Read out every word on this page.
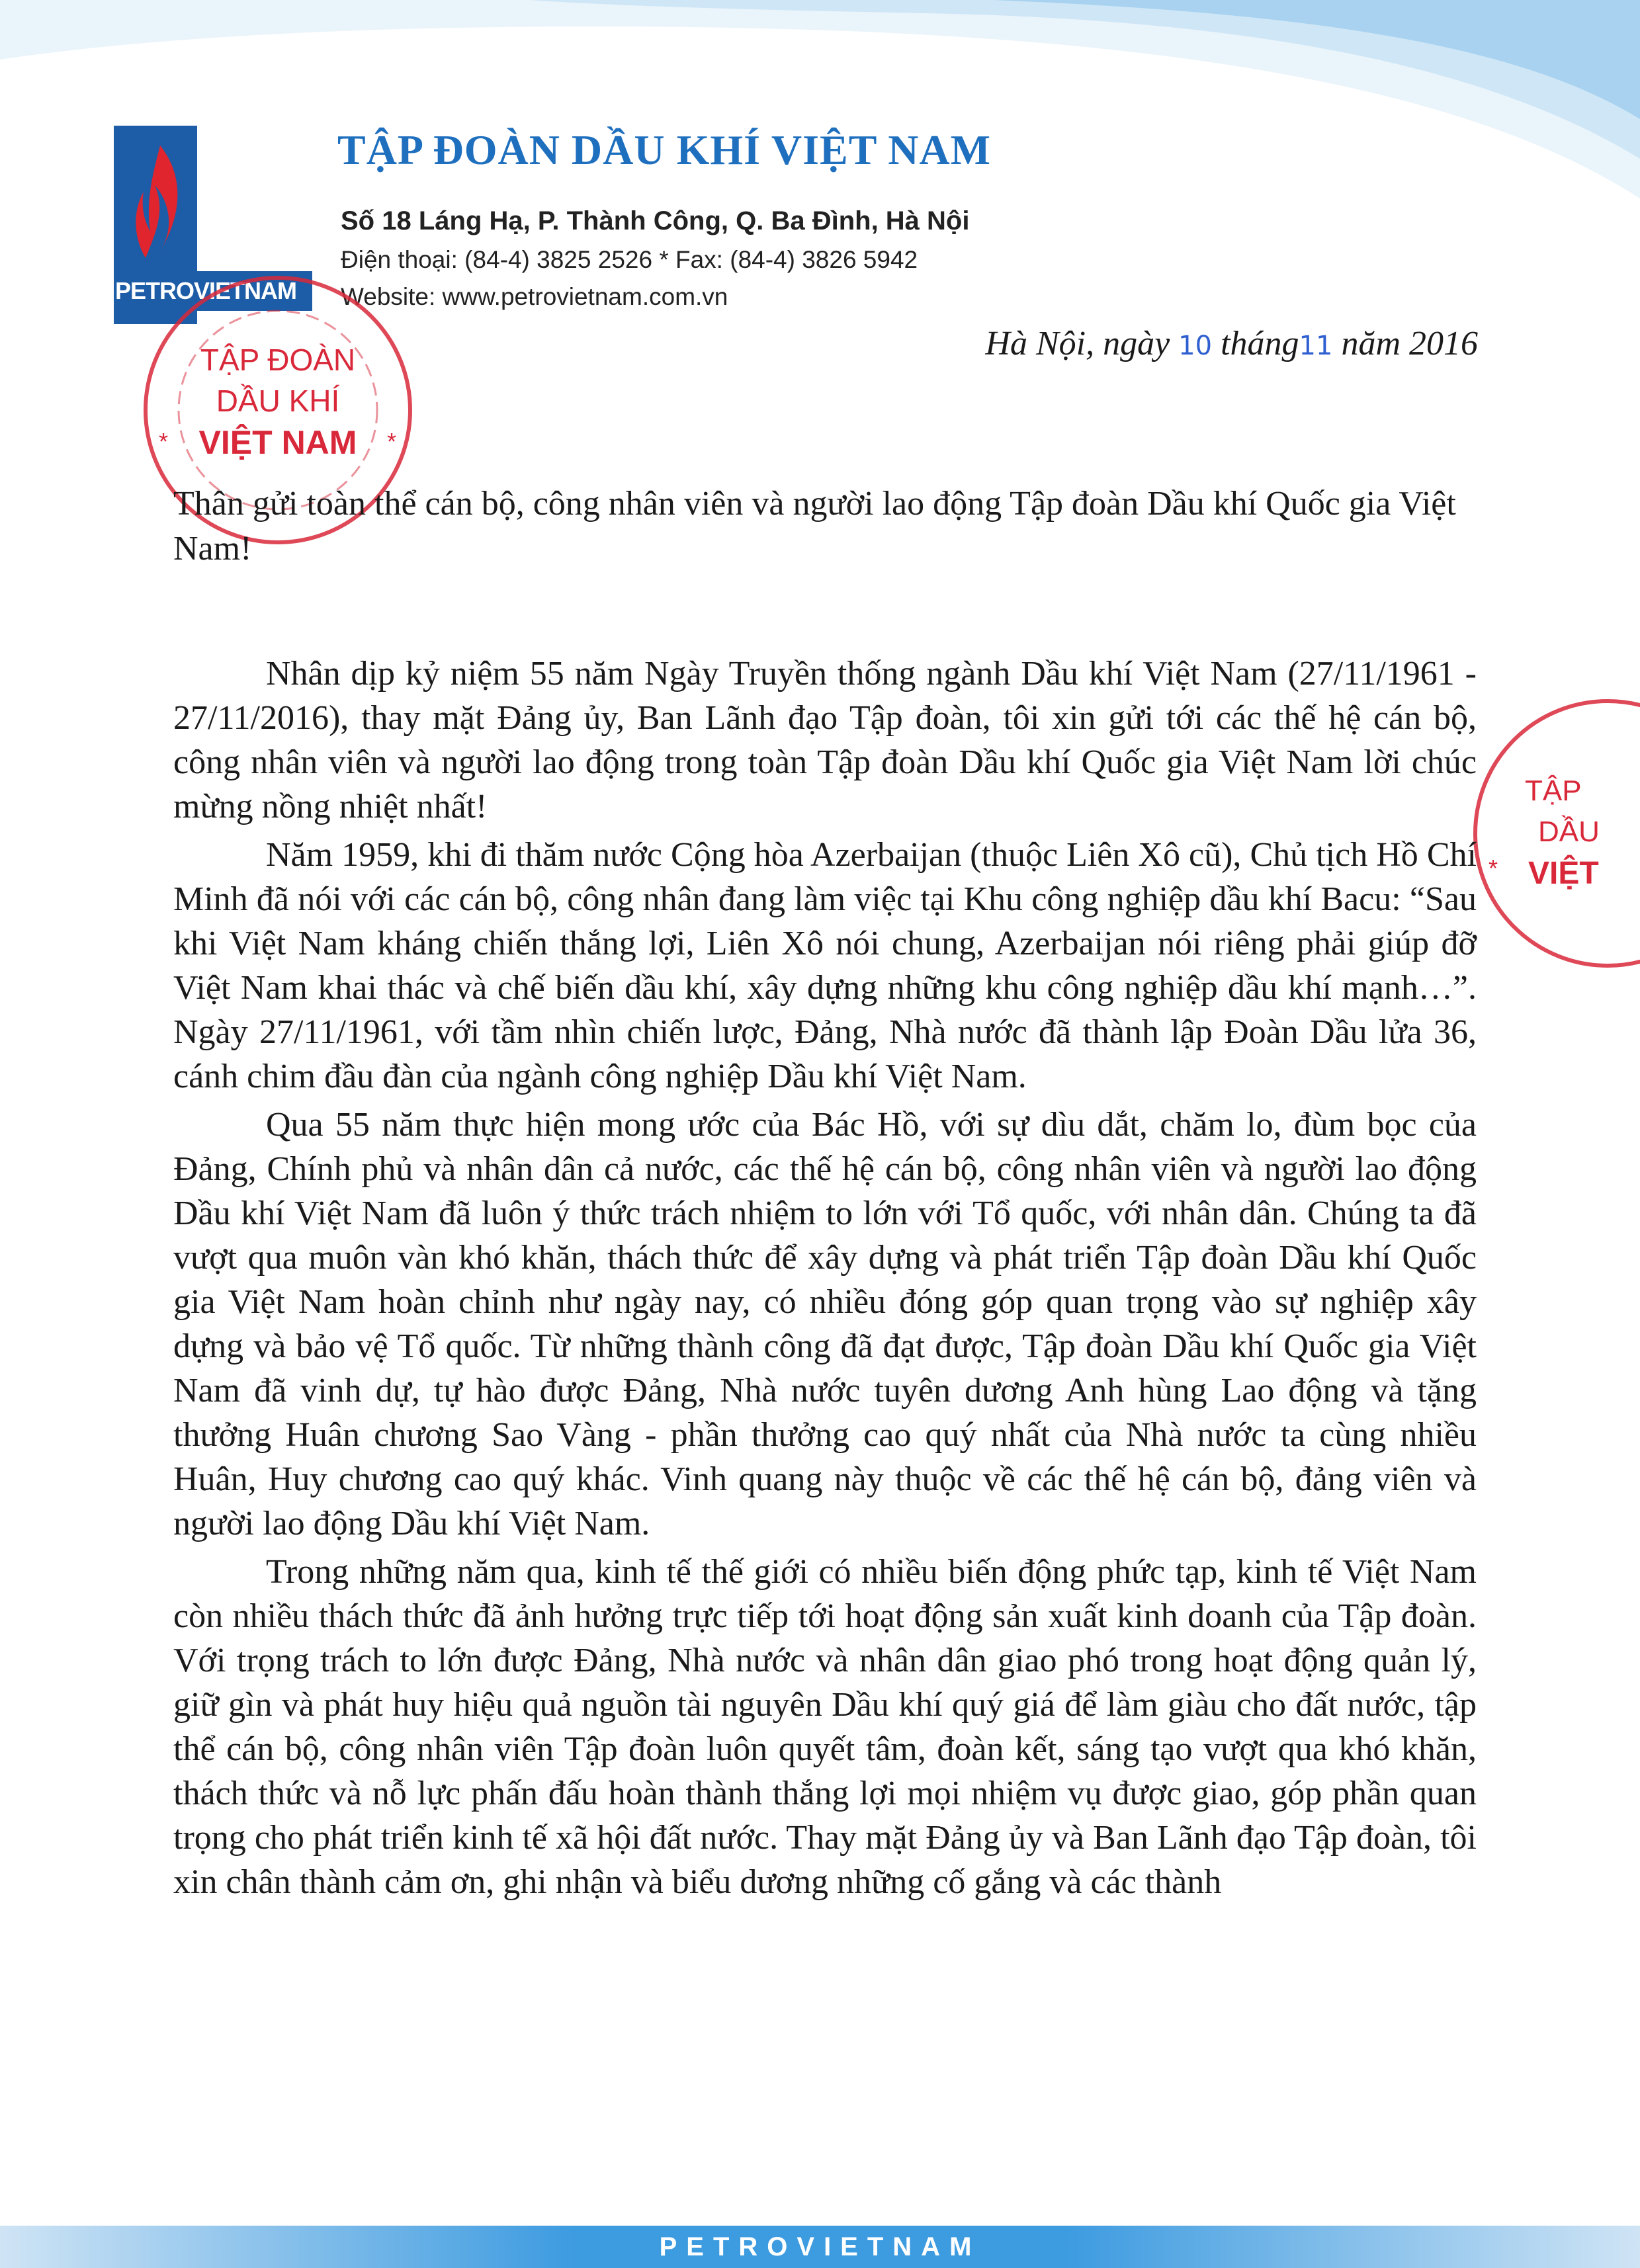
PETROVIETNAM
TẬP ĐOÀN DẦU KHÍ VIỆT NAM
Số 18 Láng Hạ, P. Thành Công, Q. Ba Đình, Hà Nội
Điện thoại: (84-4) 3825 2526 * Fax: (84-4) 3826 5942
Website: www.petrovietnam.com.vn
Hà Nội, ngày 10 tháng11 năm 2016
TẬP ĐOÀN
DẦU KHÍ
VIỆT NAM
*	*
TẬP
DẦU
VIỆT
*
Thân gửi toàn thể cán bộ, công nhân viên và người lao động Tập đoàn Dầu khí Quốc gia Việt Nam!

Nhân dịp kỷ niệm 55 năm Ngày Truyền thống ngành Dầu khí Việt Nam (27/11/1961 - 27/11/2016), thay mặt Đảng ủy, Ban Lãnh đạo Tập đoàn, tôi xin gửi tới các thế hệ cán bộ, công nhân viên và người lao động trong toàn Tập đoàn Dầu khí Quốc gia Việt Nam lời chúc mừng nồng nhiệt nhất!

Năm 1959, khi đi thăm nước Cộng hòa Azerbaijan (thuộc Liên Xô cũ), Chủ tịch Hồ Chí Minh đã nói với các cán bộ, công nhân đang làm việc tại Khu công nghiệp dầu khí Bacu: “Sau khi Việt Nam kháng chiến thắng lợi, Liên Xô nói chung, Azerbaijan nói riêng phải giúp đỡ Việt Nam khai thác và chế biến dầu khí, xây dựng những khu công nghiệp dầu khí mạnh…”. Ngày 27/11/1961, với tầm nhìn chiến lược, Đảng, Nhà nước đã thành lập Đoàn Dầu lửa 36, cánh chim đầu đàn của ngành công nghiệp Dầu khí Việt Nam.

Qua 55 năm thực hiện mong ước của Bác Hồ, với sự dìu dắt, chăm lo, đùm bọc của Đảng, Chính phủ và nhân dân cả nước, các thế hệ cán bộ, công nhân viên và người lao động Dầu khí Việt Nam đã luôn ý thức trách nhiệm to lớn với Tổ quốc, với nhân dân. Chúng ta đã vượt qua muôn vàn khó khăn, thách thức để xây dựng và phát triển Tập đoàn Dầu khí Quốc gia Việt Nam hoàn chỉnh như ngày nay, có nhiều đóng góp quan trọng vào sự nghiệp xây dựng và bảo vệ Tổ quốc. Từ những thành công đã đạt được, Tập đoàn Dầu khí Quốc gia Việt Nam đã vinh dự, tự hào được Đảng, Nhà nước tuyên dương Anh hùng Lao động và tặng thưởng Huân chương Sao Vàng - phần thưởng cao quý nhất của Nhà nước ta cùng nhiều Huân, Huy chương cao quý khác. Vinh quang này thuộc về các thế hệ cán bộ, đảng viên và người lao động Dầu khí Việt Nam.

Trong những năm qua, kinh tế thế giới có nhiều biến động phức tạp, kinh tế Việt Nam còn nhiều thách thức đã ảnh hưởng trực tiếp tới hoạt động sản xuất kinh doanh của Tập đoàn. Với trọng trách to lớn được Đảng, Nhà nước và nhân dân giao phó trong hoạt động quản lý, giữ gìn và phát huy hiệu quả nguồn tài nguyên Dầu khí quý giá để làm giàu cho đất nước, tập thể cán bộ, công nhân viên Tập đoàn luôn quyết tâm, đoàn kết, sáng tạo vượt qua khó khăn, thách thức và nỗ lực phấn đấu hoàn thành thắng lợi mọi nhiệm vụ được giao, góp phần quan trọng cho phát triển kinh tế xã hội đất nước. Thay mặt Đảng ủy và Ban Lãnh đạo Tập đoàn, tôi xin chân thành cảm ơn, ghi nhận và biểu dương những cố gắng và các thành

PETROVIETNAM
